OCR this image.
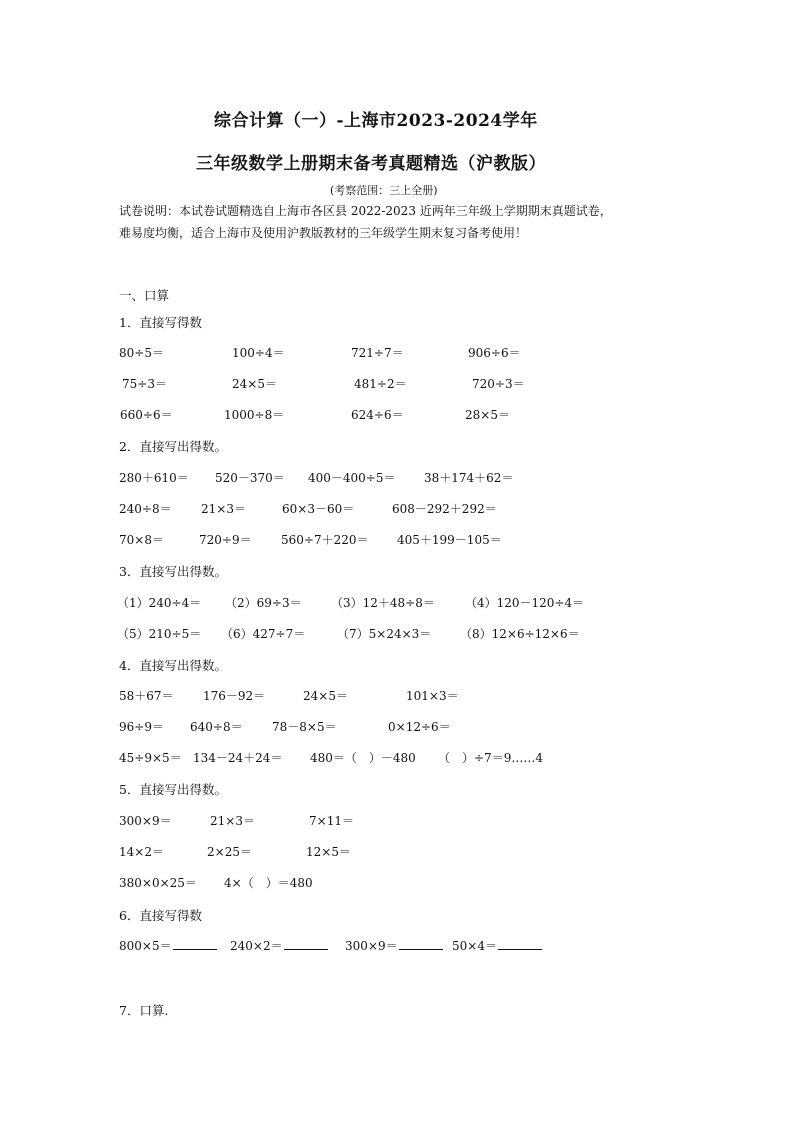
综合计算（一）-上海市2023-2024学年
三年级数学上册期末备考真题精选（沪教版）
(考察范围：三上全册)
试卷说明：本试卷试题精选自上海市各区县 2022-2023 近两年三年级上学期期末真题试卷，
难易度均衡，适合上海市及使用沪教版教材的三年级学生期末复习备考使用！
一、口算
1．直接写得数
80÷5＝	100÷4＝	721÷7＝	906÷6＝
75÷3＝	24×5＝	481÷2＝	720÷3＝
660÷6＝	1000÷8＝	624÷6＝	28×5＝
2．直接写出得数。
280＋610＝ 520－370＝ 400－400÷5＝ 38＋174＋62＝
240÷8＝ 21×3＝	60×3－60＝	608－292＋292＝
70×8＝	720÷9＝ 560÷7＋220＝ 405＋199－105＝
3．直接写出得数。
（1）240÷4＝ （2）69÷3＝ （3）12＋48÷8＝	（4）120－120÷4＝
（5）210÷5＝ （6）427÷7＝	（7）5×24×3＝ （8）12×6÷12×6＝
4．直接写出得数。
58＋67＝ 176－92＝	24×5＝	101×3＝
96÷9＝ 640÷8＝ 78－8×5＝	0×12÷6＝
45÷9×5＝ 134－24＋24＝ 480＝（　）－480 （　）÷7＝9……4
5．直接写出得数。
300×9＝	21×3＝	7×11＝
14×2＝	2×25＝	12×5＝
380×0×25＝ 4×（　）＝480
6．直接写得数
800×5＝	240×2＝	300×9＝	50×4＝
7．口算.
